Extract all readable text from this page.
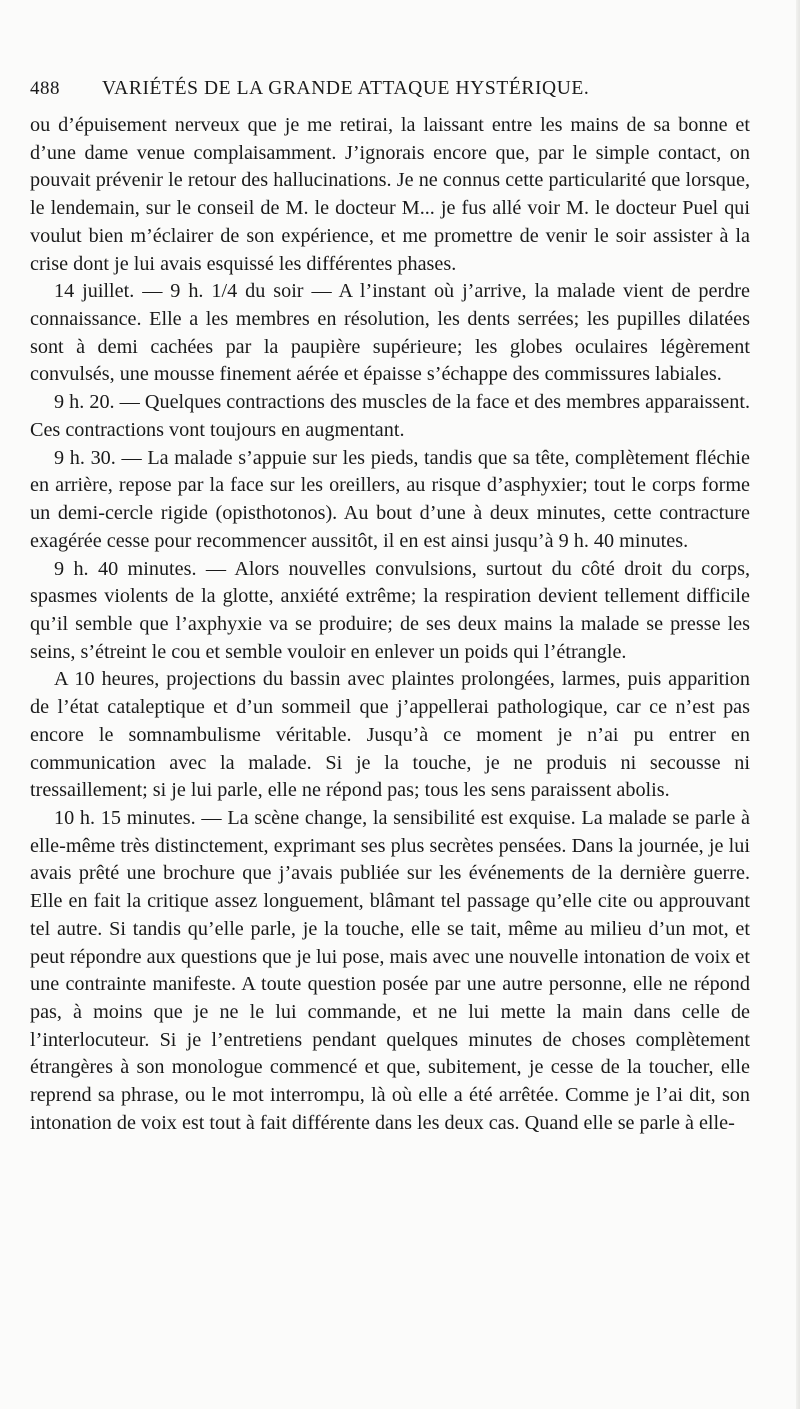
488 VARIÉTÉS DE LA GRANDE ATTAQUE HYSTÉRIQUE.

ou d’épuisement nerveux que je me retirai, la laissant entre les mains de sa bonne et d’une dame venue complaisamment. J’ignorais encore que, par le simple contact, on pouvait prévenir le retour des hallucinations. Je ne connus cette particularité que lorsque, le lendemain, sur le conseil de M. le docteur M... je fus allé voir M. le docteur Puel qui voulut bien m’éclairer de son expérience, et me promettre de venir le soir assister à la crise dont je lui avais esquissé les différentes phases.

14 juillet. — 9 h. 1/4 du soir — A l’instant où j’arrive, la malade vient de perdre connaissance. Elle a les membres en résolution, les dents serrées; les pupilles dilatées sont à demi cachées par la paupière supérieure; les globes oculaires légèrement convulsés, une mousse finement aérée et épaisse s’échappe des commissures labiales.

9 h. 20. — Quelques contractions des muscles de la face et des membres apparaissent. Ces contractions vont toujours en augmentant.

9 h. 30. — La malade s’appuie sur les pieds, tandis que sa tête, complètement fléchie en arrière, repose par la face sur les oreillers, au risque d’asphyxier; tout le corps forme un demi-cercle rigide (opisthotonos). Au bout d’une à deux minutes, cette contracture exagérée cesse pour recommencer aussitôt, il en est ainsi jusqu’à 9 h. 40 minutes.

9 h. 40 minutes. — Alors nouvelles convulsions, surtout du côté droit du corps, spasmes violents de la glotte, anxiété extrême; la respiration devient tellement difficile qu’il semble que l’axphyxie va se produire; de ses deux mains la malade se presse les seins, s’étreint le cou et semble vouloir en enlever un poids qui l’étrangle.

A 10 heures, projections du bassin avec plaintes prolongées, larmes, puis apparition de l’état cataleptique et d’un sommeil que j’appellerai pathologique, car ce n’est pas encore le somnambulisme véritable. Jusqu’à ce moment je n’ai pu entrer en communication avec la malade. Si je la touche, je ne produis ni secousse ni tressaillement; si je lui parle, elle ne répond pas; tous les sens paraissent abolis.

10 h. 15 minutes. — La scène change, la sensibilité est exquise. La malade se parle à elle-même très distinctement, exprimant ses plus secrètes pensées. Dans la journée, je lui avais prêté une brochure que j’avais publiée sur les événements de la dernière guerre. Elle en fait la critique assez longuement, blâmant tel passage qu’elle cite ou approuvant tel autre. Si tandis qu’elle parle, je la touche, elle se tait, même au milieu d’un mot, et peut répondre aux questions que je lui pose, mais avec une nouvelle intonation de voix et une contrainte manifeste. A toute question posée par une autre personne, elle ne répond pas, à moins que je ne le lui commande, et ne lui mette la main dans celle de l’interlocuteur. Si je l’entretiens pendant quelques minutes de choses complètement étrangères à son monologue commencé et que, subitement, je cesse de la toucher, elle reprend sa phrase, ou le mot interrompu, là où elle a été arrêtée. Comme je l’ai dit, son intonation de voix est tout à fait différente dans les deux cas. Quand elle se parle à elle-
